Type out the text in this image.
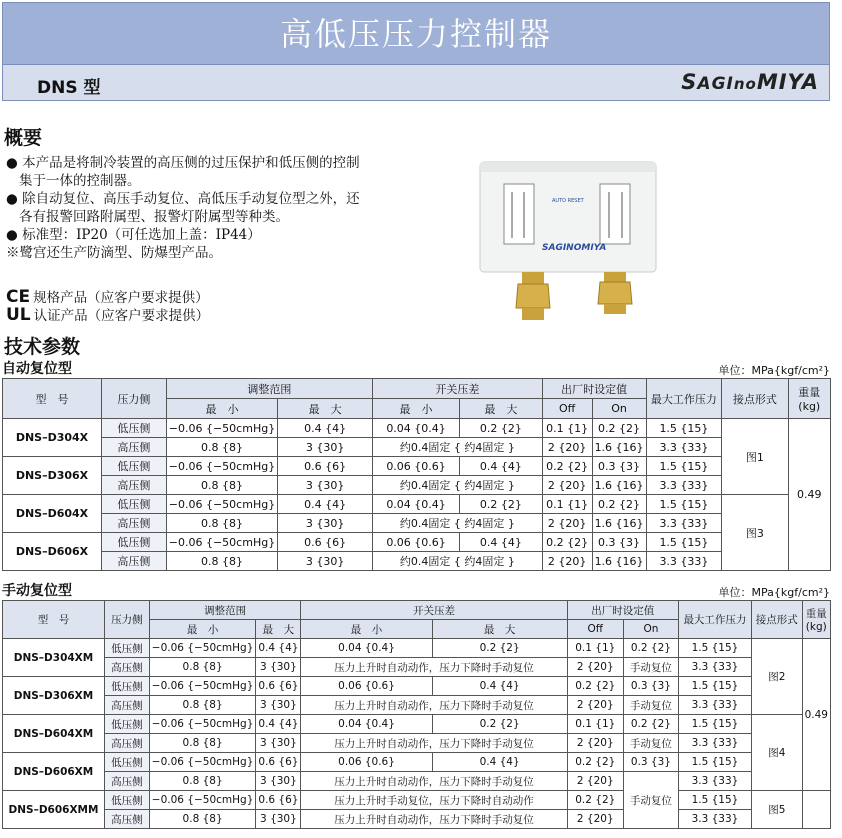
高低压压力控制器
DNS 型	SAGInoMIYA
概要

● 本产品是将制冷装置的高压侧的过压保护和低压侧的控制

集于一体的控制器。

● 除自动复位、高压手动复位、高低压手动复位型之外，还

各有报警回路附属型、报警灯附属型等种类。

● 标准型：IP20（可任选加上盖：IP44）

※鹭宫还生产防滴型、防爆型产品。

CE 规格产品（应客户要求提供）
UL 认证产品（应客户要求提供）
AUTO RESET
SAGINOMIYA
技术参数
自动复位型	单位：MPa{kgf/cm²}
型　号	压力侧	调整范围		开关压差		出厂时设定值		最大工作压力	接点形式	重量 (kg)
		最　小	最　大	最　小	最　大	Off	On			
DNS–D304X	低压侧	−0.06 {−50cmHg}	0.4 {4}	0.04 {0.4}	0.2 {2}	0.1 {1}	0.2 {2}	1.5 {15}	图1	0.49
	高压侧	0.8 {8}	3 {30}	约0.4固定 { 约4固定 }		2 {20}	1.6 {16}	3.3 {33}		
DNS–D306X	低压侧	−0.06 {−50cmHg}	0.6 {6}	0.06 {0.6}	0.4 {4}	0.2 {2}	0.3 {3}	1.5 {15}		
	高压侧	0.8 {8}	3 {30}	约0.4固定 { 约4固定 }		2 {20}	1.6 {16}	3.3 {33}		
DNS–D604X	低压侧	−0.06 {−50cmHg}	0.4 {4}	0.04 {0.4}	0.2 {2}	0.1 {1}	0.2 {2}	1.5 {15}	图3	
	高压侧	0.8 {8}	3 {30}	约0.4固定 { 约4固定 }		2 {20}	1.6 {16}	3.3 {33}		
DNS–D606X	低压侧	−0.06 {−50cmHg}	0.6 {6}	0.06 {0.6}	0.4 {4}	0.2 {2}	0.3 {3}	1.5 {15}		
	高压侧	0.8 {8}	3 {30}	约0.4固定 { 约4固定 }		2 {20}	1.6 {16}	3.3 {33}		
手动复位型	单位：MPa{kgf/cm²}
型　号	压力侧	调整范围		开关压差		出厂时设定值		最大工作压力	接点形式	重量 (kg)
		最　小	最　大	最　小	最　大	Off	On			
DNS–D304XM	低压侧	−0.06 {−50cmHg}	0.4 {4}	0.04 {0.4}	0.2 {2}	0.1 {1}	0.2 {2}	1.5 {15}	图2	0.49
	高压侧	0.8 {8}	3 {30}	压力上升时自动动作，压力下降时手动复位		2 {20}	手动复位	3.3 {33}		
DNS–D306XM	低压侧	−0.06 {−50cmHg}	0.6 {6}	0.06 {0.6}	0.4 {4}	0.2 {2}	0.3 {3}	1.5 {15}		
	高压侧	0.8 {8}	3 {30}	压力上升时自动动作，压力下降时手动复位		2 {20}	手动复位	3.3 {33}		
DNS–D604XM	低压侧	−0.06 {−50cmHg}	0.4 {4}	0.04 {0.4}	0.2 {2}	0.1 {1}	0.2 {2}	1.5 {15}	图4	
	高压侧	0.8 {8}	3 {30}	压力上升时自动动作，压力下降时手动复位		2 {20}	手动复位	3.3 {33}		
DNS–D606XM	低压侧	−0.06 {−50cmHg}	0.6 {6}	0.06 {0.6}	0.4 {4}	0.2 {2}	0.3 {3}	1.5 {15}		
	高压侧	0.8 {8}	3 {30}	压力上升时自动动作，压力下降时手动复位		2 {20}	手动复位	3.3 {33}		
DNS–D606XMM	低压侧	−0.06 {−50cmHg}	0.6 {6}	压力上升时手动复位，压力下降时自动动作		0.2 {2}		1.5 {15}	图5	
	高压侧	0.8 {8}	3 {30}	压力上升时自动动作，压力下降时手动复位		2 {20}		3.3 {33}		
